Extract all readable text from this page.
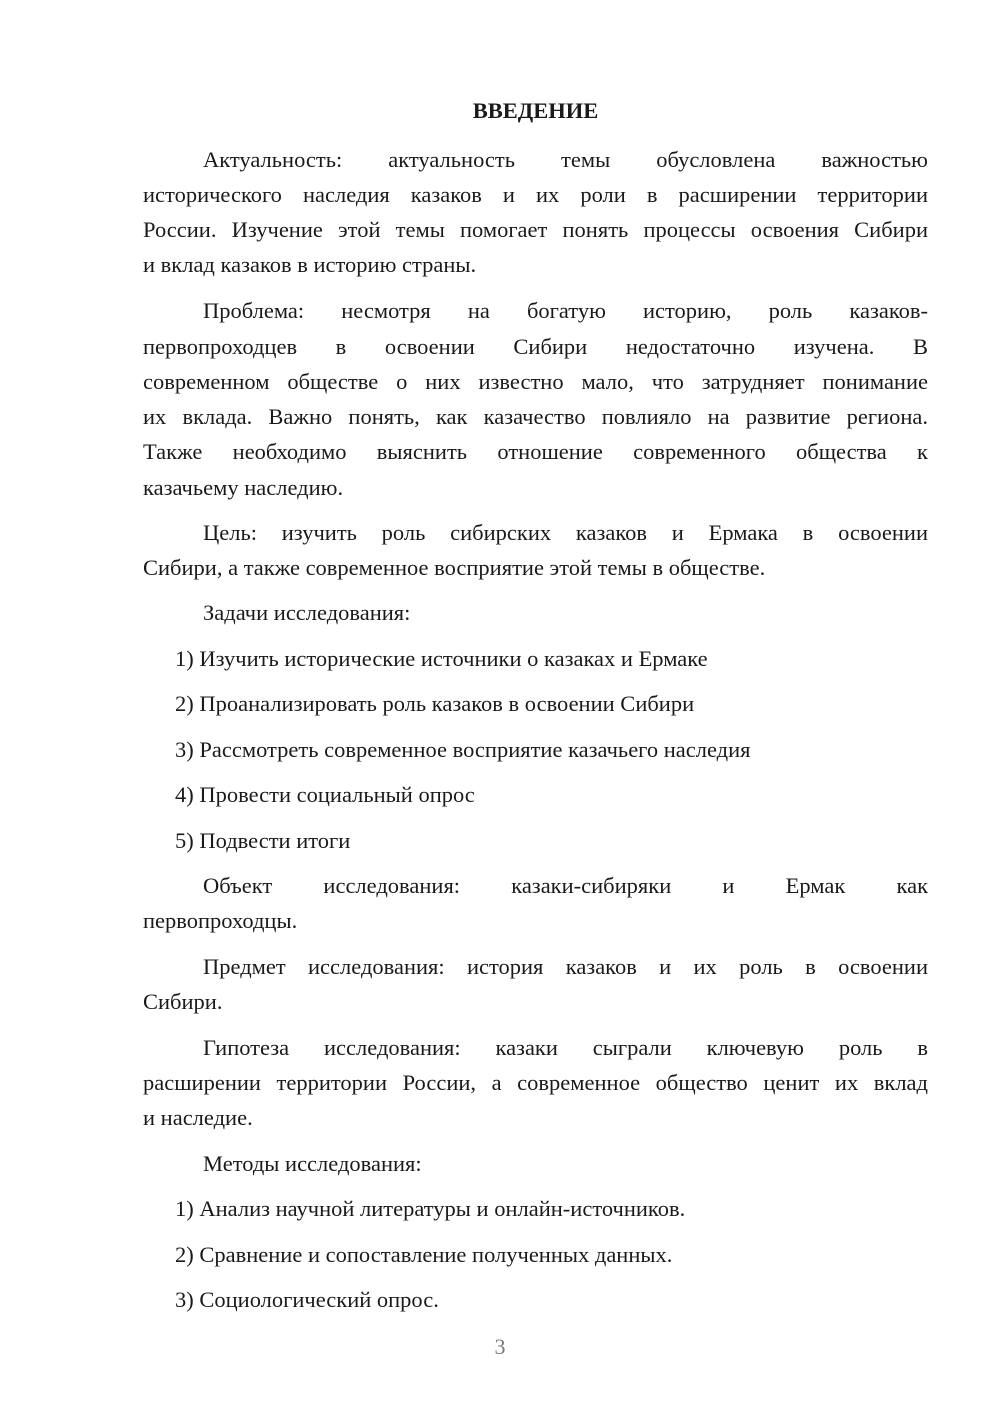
ВВЕДЕНИЕ
Актуальность: актуальность темы обусловлена важностью
исторического наследия казаков и их роли в расширении территории
России. Изучение этой темы помогает понять процессы освоения Сибири
и вклад казаков в историю страны.
Проблема: несмотря на богатую историю, роль казаков-
первопроходцев в освоении Сибири недостаточно изучена. В
современном обществе о них известно мало, что затрудняет понимание
их вклада. Важно понять, как казачество повлияло на развитие региона.
Также необходимо выяснить отношение современного общества к
казачьему наследию.
Цель: изучить роль сибирских казаков и Ермака в освоении
Сибири, а также современное восприятие этой темы в обществе.
Задачи исследования:
1) Изучить исторические источники о казаках и Ермаке
2) Проанализировать роль казаков в освоении Сибири
3) Рассмотреть современное восприятие казачьего наследия
4) Провести социальный опрос
5) Подвести итоги
Объект исследования: казаки-сибиряки и Ермак как
первопроходцы.
Предмет исследования: история казаков и их роль в освоении
Сибири.
Гипотеза исследования: казаки сыграли ключевую роль в
расширении территории России, а современное общество ценит их вклад
и наследие.
Методы исследования:
1) Анализ научной литературы и онлайн-источников.
2) Сравнение и сопоставление полученных данных.
3) Социологический опрос.
3
